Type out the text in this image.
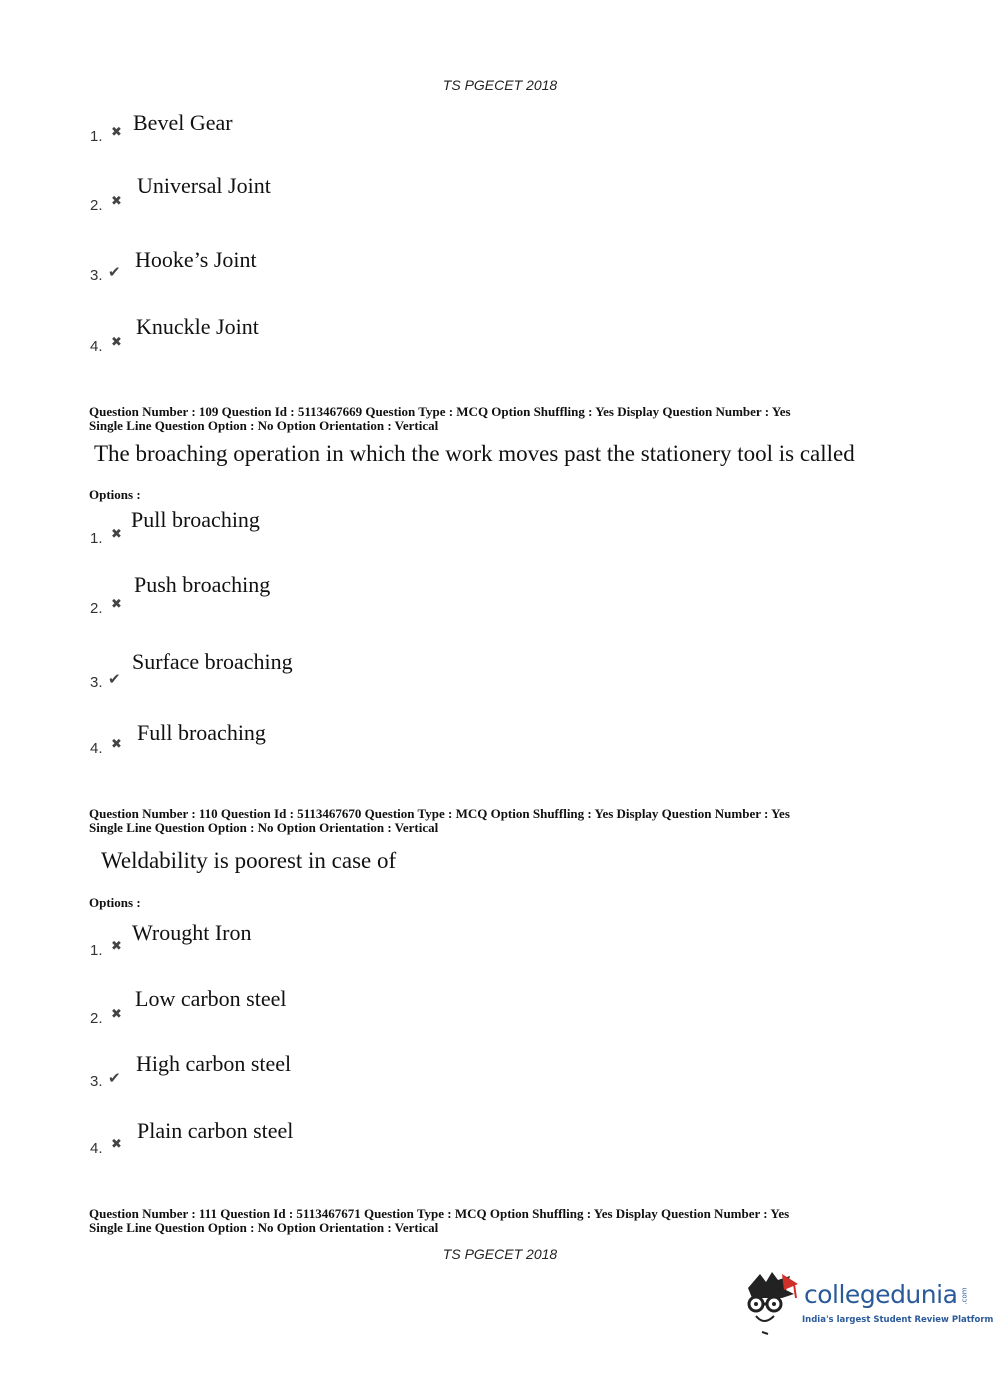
TS PGECET 2018
1. ✖ Bevel Gear
2. ✖
Universal Joint
3. ✔ Hooke’s Joint
4. ✖
Knuckle Joint
Question Number : 109 Question Id : 5113467669 Question Type : MCQ Option Shuffling : Yes Display Question Number : Yes
Single Line Question Option : No Option Orientation : Vertical
The broaching operation in which the work moves past the stationery tool is called
Options :
1. ✖
Pull broaching
2. ✖
Push broaching
3. ✔
Surface broaching
4. ✖ Full broaching
Question Number : 110 Question Id : 5113467670 Question Type : MCQ Option Shuffling : Yes Display Question Number : Yes
Single Line Question Option : No Option Orientation : Vertical
Weldability is poorest in case of
Options :
1. ✖
Wrought Iron
2. ✖
Low carbon steel
3. ✔
High carbon steel
4. ✖
Plain carbon steel
Question Number : 111 Question Id : 5113467671 Question Type : MCQ Option Shuffling : Yes Display Question Number : Yes
Single Line Question Option : No Option Orientation : Vertical
TS PGECET 2018
collegedunia .com
India's largest Student Review Platform
